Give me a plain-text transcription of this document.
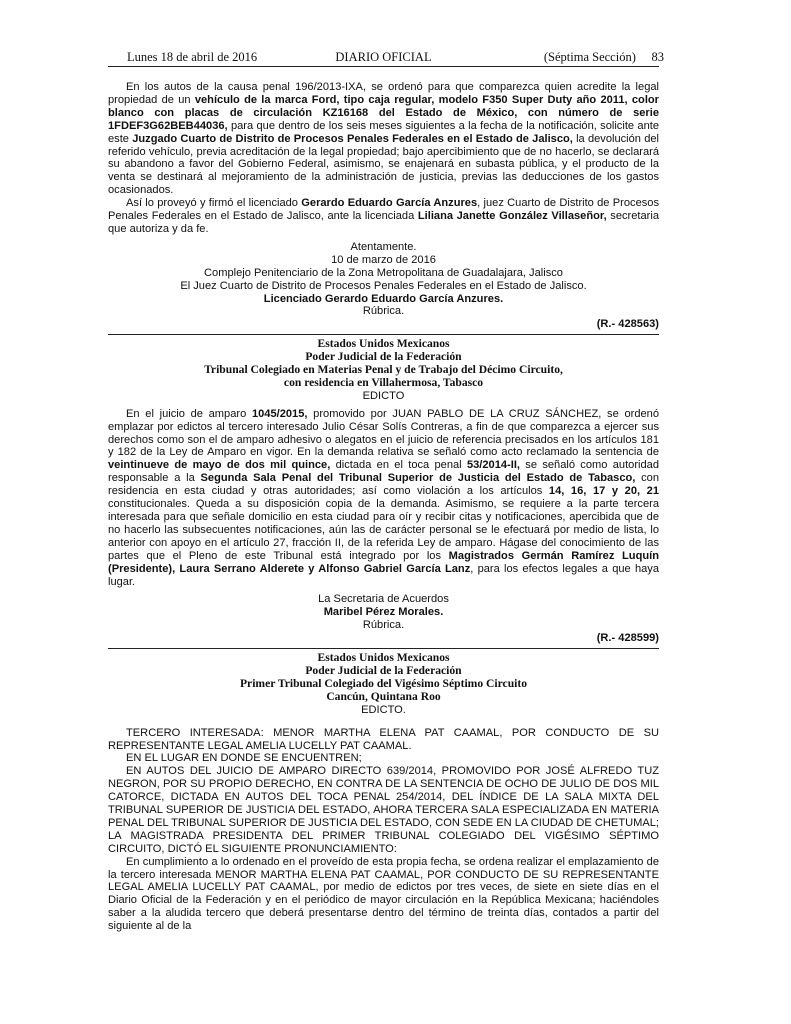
Lunes 18 de abril de 2016	DIARIO OFICIAL	(Séptima Sección) 83

En los autos de la causa penal 196/2013-IXA, se ordenó para que comparezca quien acredite la legal propiedad de un vehículo de la marca Ford, tipo caja regular, modelo F350 Super Duty año 2011, color blanco con placas de circulación KZ16168 del Estado de México, con número de serie 1FDEF3G62BEB44036, para que dentro de los seis meses siguientes a la fecha de la notificación, solicite ante este Juzgado Cuarto de Distrito de Procesos Penales Federales en el Estado de Jalisco, la devolución del referido vehículo, previa acreditación de la legal propiedad; bajo apercibimiento que de no hacerlo, se declarará su abandono a favor del Gobierno Federal, asimismo, se enajenará en subasta pública, y el producto de la venta se destinará al mejoramiento de la administración de justicia, previas las deducciones de los gastos ocasionados.

Así lo proveyó y firmó el licenciado Gerardo Eduardo García Anzures, juez Cuarto de Distrito de Procesos Penales Federales en el Estado de Jalisco, ante la licenciada Liliana Janette González Villaseñor, secretaria que autoriza y da fe.

Atentamente.

10 de marzo de 2016

Complejo Penitenciario de la Zona Metropolitana de Guadalajara, Jalisco

El Juez Cuarto de Distrito de Procesos Penales Federales en el Estado de Jalisco.

Licenciado Gerardo Eduardo García Anzures.

Rúbrica.

(R.- 428563)

Estados Unidos Mexicanos

Poder Judicial de la Federación

Tribunal Colegiado en Materias Penal y de Trabajo del Décimo Circuito,

con residencia en Villahermosa, Tabasco

EDICTO

En el juicio de amparo 1045/2015, promovido por JUAN PABLO DE LA CRUZ SÁNCHEZ, se ordenó emplazar por edictos al tercero interesado Julio César Solís Contreras, a fin de que comparezca a ejercer sus derechos como son el de amparo adhesivo o alegatos en el juicio de referencia precisados en los artículos 181 y 182 de la Ley de Amparo en vigor. En la demanda relativa se señaló como acto reclamado la sentencia de veintinueve de mayo de dos mil quince, dictada en el toca penal 53/2014-II, se señaló como autoridad responsable a la Segunda Sala Penal del Tribunal Superior de Justicia del Estado de Tabasco, con residencia en esta ciudad y otras autoridades; así como violación a los artículos 14, 16, 17 y 20, 21 constitucionales. Queda a su disposición copia de la demanda. Asimismo, se requiere a la parte tercera interesada para que señale domicilio en esta ciudad para oír y recibir citas y notificaciones, apercibida que de no hacerlo las subsecuentes notificaciones, aún las de carácter personal se le efectuará por medio de lista, lo anterior con apoyo en el artículo 27, fracción II, de la referida Ley de amparo. Hágase del conocimiento de las partes que el Pleno de este Tribunal está integrado por los Magistrados Germán Ramírez Luquín (Presidente), Laura Serrano Alderete y Alfonso Gabriel García Lanz, para los efectos legales a que haya lugar.

La Secretaria de Acuerdos

Maribel Pérez Morales.

Rúbrica.

(R.- 428599)

Estados Unidos Mexicanos

Poder Judicial de la Federación

Primer Tribunal Colegiado del Vigésimo Séptimo Circuito

Cancún, Quintana Roo

EDICTO.

TERCERO INTERESADA: MENOR MARTHA ELENA PAT CAAMAL, POR CONDUCTO DE SU REPRESENTANTE LEGAL AMELIA LUCELLY PAT CAAMAL.

EN EL LUGAR EN DONDE SE ENCUENTREN;

EN AUTOS DEL JUICIO DE AMPARO DIRECTO 639/2014, PROMOVIDO POR JOSÉ ALFREDO TUZ NEGRON, POR SU PROPIO DERECHO, EN CONTRA DE LA SENTENCIA DE OCHO DE JULIO DE DOS MIL CATORCE, DICTADA EN AUTOS DEL TOCA PENAL 254/2014, DEL ÍNDICE DE LA SALA MIXTA DEL TRIBUNAL SUPERIOR DE JUSTICIA DEL ESTADO, AHORA TERCERA SALA ESPECIALIZADA EN MATERIA PENAL DEL TRIBUNAL SUPERIOR DE JUSTICIA DEL ESTADO, CON SEDE EN LA CIUDAD DE CHETUMAL; LA MAGISTRADA PRESIDENTA DEL PRIMER TRIBUNAL COLEGIADO DEL VIGÉSIMO SÉPTIMO CIRCUITO, DICTÓ EL SIGUIENTE PRONUNCIAMIENTO:

En cumplimiento a lo ordenado en el proveído de esta propia fecha, se ordena realizar el emplazamiento de la tercero interesada MENOR MARTHA ELENA PAT CAAMAL, POR CONDUCTO DE SU REPRESENTANTE LEGAL AMELIA LUCELLY PAT CAAMAL, por medio de edictos por tres veces, de siete en siete días en el Diario Oficial de la Federación y en el periódico de mayor circulación en la República Mexicana; haciéndoles saber a la aludida tercero que deberá presentarse dentro del término de treinta días, contados a partir del siguiente al de la
